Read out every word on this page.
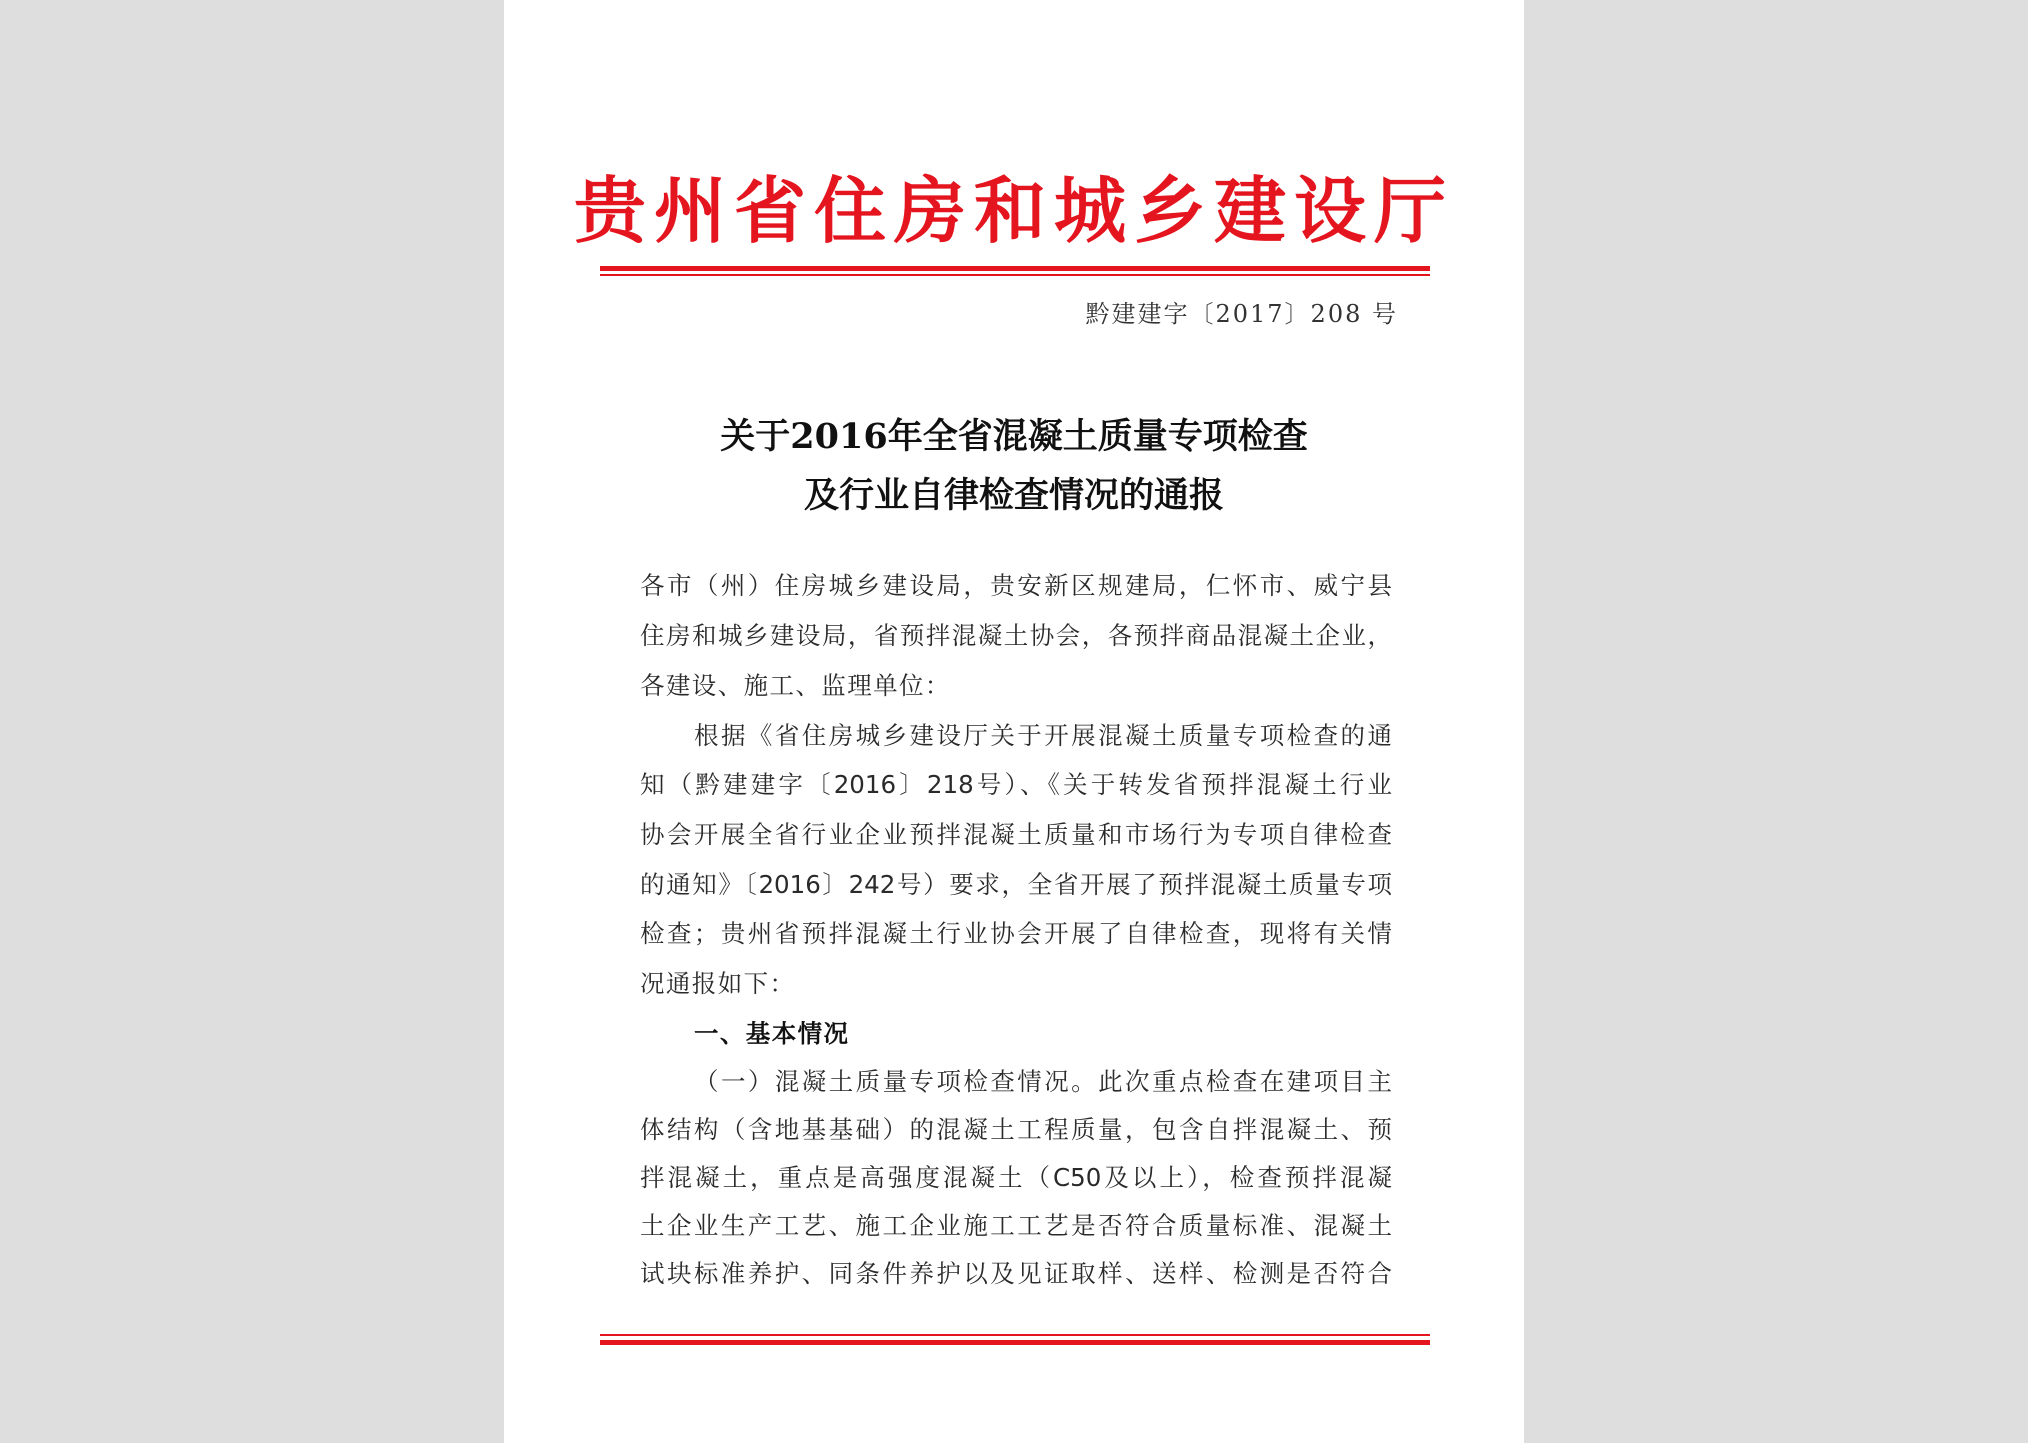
贵州省住房和城乡建设厅
黔建建字〔2017〕208 号
关于2016年全省混凝土质量专项检查
及行业自律检查情况的通报
各市（州）住房城乡建设局，贵安新区规建局，仁怀市、威宁县
住房和城乡建设局，省预拌混凝土协会，各预拌商品混凝土企业，
各建设、施工、监理单位：
根据《省住房城乡建设厅关于开展混凝土质量专项检查的通
知（黔建建字〔2016〕218号）、《关于转发省预拌混凝土行业
协会开展全省行业企业预拌混凝土质量和市场行为专项自律检查
的通知》〔2016〕242号）要求，全省开展了预拌混凝土质量专项
检查；贵州省预拌混凝土行业协会开展了自律检查，现将有关情
况通报如下：
一、基本情况
（一）混凝土质量专项检查情况。此次重点检查在建项目主
体结构（含地基基础）的混凝土工程质量，包含自拌混凝土、预
拌混凝土，重点是高强度混凝土（C50及以上），检查预拌混凝
土企业生产工艺、施工企业施工工艺是否符合质量标准、混凝土
试块标准养护、同条件养护以及见证取样、送样、检测是否符合
